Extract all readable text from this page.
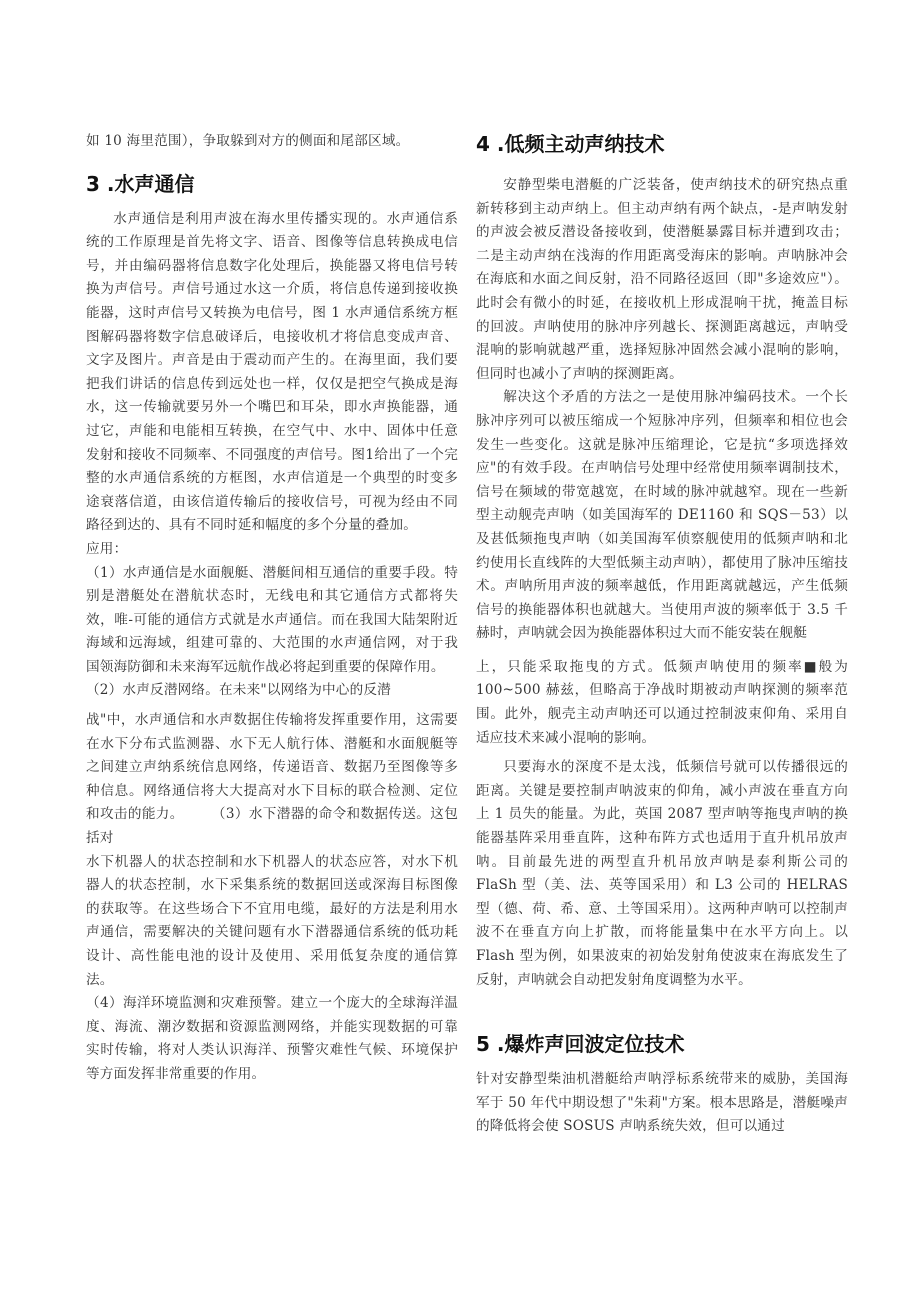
如 10 海里范围），争取躲到对方的侧面和尾部区域。

3 .水声通信

水声通信是利用声波在海水里传播实现的。水声通信系统的工作原理是首先将文字、语音、图像等信息转换成电信号，并由编码器将信息数字化处理后，换能器又将电信号转换为声信号。声信号通过水这一介质，将信息传递到接收换能器，这时声信号又转换为电信号，图 1 水声通信系统方框图解码器将数字信息破译后，电接收机才将信息变成声音、文字及图片。声音是由于震动而产生的。在海里面，我们要把我们讲话的信息传到远处也一样，仅仅是把空气换成是海水，这一传输就要另外一个嘴巴和耳朵，即水声换能器，通过它，声能和电能相互转换，在空气中、水中、固体中任意发射和接收不同频率、不同强度的声信号。图1给出了一个完整的水声通信系统的方框图，水声信道是一个典型的时变多途衰落信道，由该信道传输后的接收信号，可视为经由不同路径到达的、具有不同时延和幅度的多个分量的叠加。

应用：

（1）水声通信是水面舰艇、潜艇间相互通信的重要手段。特别是潜艇处在潜航状态时，无线电和其它通信方式都将失效，唯-可能的通信方式就是水声通信。而在我国大陆架附近海域和远海域，组建可靠的、大范围的水声通信网，对于我国领海防御和未来海军远航作战必将起到重要的保障作用。

（2）水声反潜网络。在未来"以网络为中心的反潜

战"中，水声通信和水声数据住传输将发挥重要作用，这需要在水下分布式监测器、水下无人航行体、潜艇和水面舰艇等之间建立声纳系统信息网络，传递语音、数据乃至图像等多种信息。网络通信将大大提高对水下目标的联合检测、定位和攻击的能力。　　　（3）水下潜器的命令和数据传送。这包括对

水下机器人的状态控制和水下机器人的状态应答，对水下机器人的状态控制，水下采集系统的数据回送或深海目标图像的获取等。在这些场合下不宜用电缆，最好的方法是利用水声通信，需要解决的关键问题有水下潜器通信系统的低功耗设计、高性能电池的设计及使用、采用低复杂度的通信算法。

（4）海洋环境监测和灾难预警。建立一个庞大的全球海洋温度、海流、潮汐数据和资源监测网络，并能实现数据的可靠实时传输，将对人类认识海洋、预警灾难性气候、环境保护等方面发挥非常重要的作用。

4 .低频主动声纳技术

安静型柴电潜艇的广泛装备，使声纳技术的研究热点重新转移到主动声纳上。但主动声纳有两个缺点，-是声呐发射的声波会被反潜设备接收到，使潜艇暴露目标并遭到攻击；二是主动声纳在浅海的作用距离受海床的影响。声呐脉冲会在海底和水面之间反射，沿不同路径返回（即"多途效应"）。此时会有微小的时延，在接收机上形成混响干扰，掩盖目标的回波。声呐使用的脉冲序列越长、探测距离越远，声呐受混响的影响就越严重，选择短脉冲固然会减小混响的影响，但同时也减小了声呐的探测距离。

解决这个矛盾的方法之一是使用脉冲编码技术。一个长脉冲序列可以被压缩成一个短脉冲序列，但频率和相位也会发生一些变化。这就是脉冲压缩理论，它是抗“多项选择效应"的有效手段。在声呐信号处理中经常使用频率调制技术，信号在频域的带宽越宽，在时域的脉冲就越窄。现在一些新型主动舰壳声呐（如美国海军的 DE1160 和 SQS－53）以及甚低频拖曳声呐（如美国海军侦察舰使用的低频声呐和北约使用长直线阵的大型低频主动声呐），都使用了脉冲压缩技术。声呐所用声波的频率越低，作用距离就越远，产生低频信号的换能器体积也就越大。当使用声波的频率低于 3.5 千赫时，声呐就会因为换能器体积过大而不能安装在舰艇

上，只能采取拖曳的方式。低频声呐使用的频率■般为 100~500 赫兹，但略高于净战时期被动声呐探测的频率范围。此外，舰壳主动声呐还可以通过控制波束仰角、采用自适应技术来减小混响的影响。

只要海水的深度不是太浅，低频信号就可以传播很远的距离。关键是要控制声呐波束的仰角，减小声波在垂直方向上 1 员失的能量。为此，英国 2087 型声呐等拖曳声呐的换能器基阵采用垂直阵，这种布阵方式也适用于直升机吊放声呐。目前最先进的两型直升机吊放声呐是泰利斯公司的 FlaSh 型（美、法、英等国采用）和 L3 公司的 HELRAS 型（德、荷、希、意、土等国采用）。这两种声呐可以控制声波不在垂直方向上扩散，而将能量集中在水平方向上。以 Flash 型为例，如果波束的初始发射角使波束在海底发生了反射，声呐就会自动把发射角度调整为水平。

5 .爆炸声回波定位技术

针对安静型柴油机潜艇给声呐浮标系统带来的威胁，美国海军于 50 年代中期设想了"朱莉"方案。根本思路是，潜艇噪声的降低将会使 SOSUS 声呐系统失效，但可以通过
